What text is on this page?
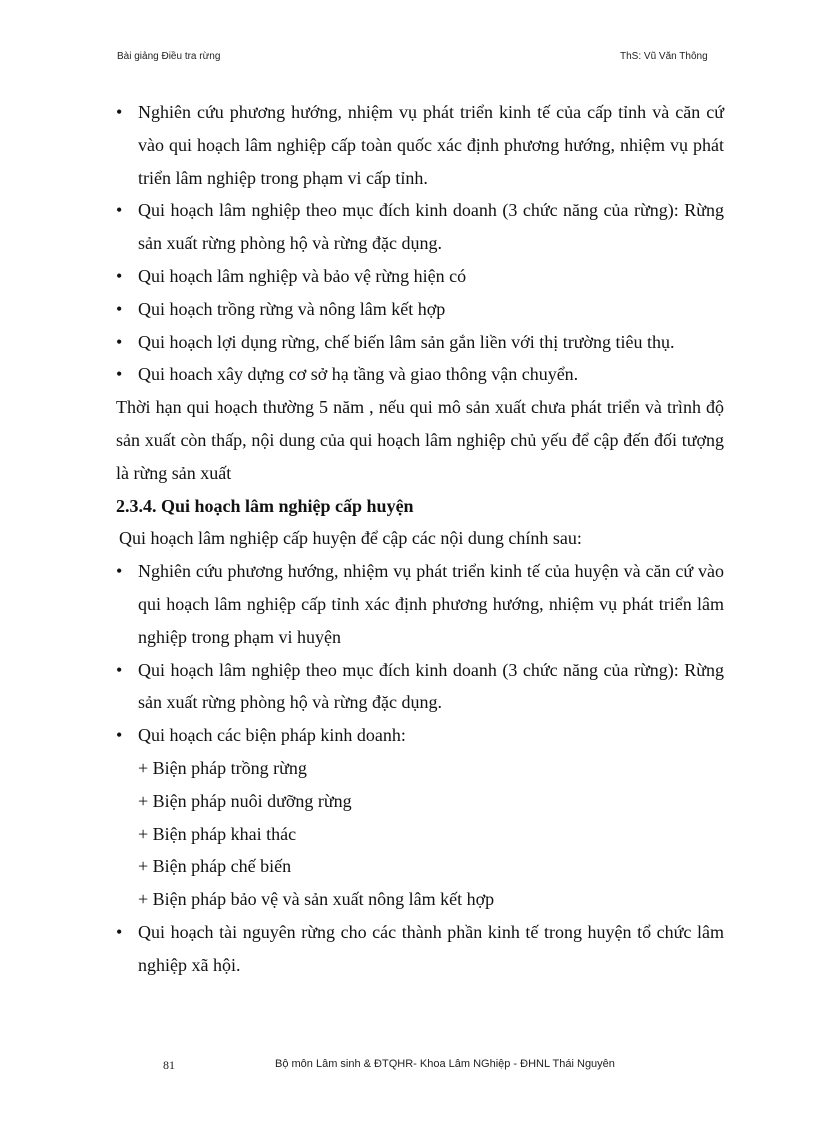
Bài giảng Điều tra rừng	ThS: Vũ Văn Thông
• Nghiên cứu phương hướng, nhiệm vụ phát triển kinh tế của cấp tỉnh và căn cứ vào qui hoạch lâm nghiệp cấp toàn quốc xác định phương hướng, nhiệm vụ phát triển lâm nghiệp trong phạm vi cấp tỉnh.
• Qui hoạch lâm nghiệp theo mục đích kinh doanh (3 chức năng của rừng): Rừng sản xuất rừng phòng hộ và rừng đặc dụng.
• Qui hoạch lâm nghiệp và bảo vệ rừng hiện có
• Qui hoạch trồng rừng và nông lâm kết hợp
• Qui hoạch lợi dụng rừng, chế biến lâm sản gắn liền với thị trường tiêu thụ.
• Qui hoach xây dựng cơ sở hạ tầng và giao thông vận chuyển.
Thời hạn qui hoạch thường 5 năm , nếu qui mô sản xuất chưa phát triển và trình độ sản xuất còn thấp, nội dung của qui hoạch lâm nghiệp chủ yếu để cập đến đối tượng là rừng sản xuất
2.3.4. Qui hoạch lâm nghiệp cấp huyện
Qui hoạch lâm nghiệp cấp huyện để cập các nội dung chính sau:
• Nghiên cứu phương hướng, nhiệm vụ phát triển kinh tế của huyện và căn cứ vào qui hoạch lâm nghiệp cấp tỉnh xác định phương hướng, nhiệm vụ phát triển lâm nghiệp trong phạm vi huyện
• Qui hoạch lâm nghiệp theo mục đích kinh doanh (3 chức năng của rừng): Rừng sản xuất rừng phòng hộ và rừng đặc dụng.
• Qui hoạch các biện pháp kinh doanh:
+ Biện pháp trồng rừng
+ Biện pháp nuôi dưỡng rừng
+ Biện pháp khai thác
+ Biện pháp chế biến
+ Biện pháp bảo vệ và sản xuất nông lâm kết hợp
• Qui hoạch tài nguyên rừng cho các thành phần kinh tế trong huyện tổ chức lâm nghiệp xã hội.
81	Bộ môn Lâm sinh & ĐTQHR- Khoa Lâm NGhiệp - ĐHNL Thái Nguyên
